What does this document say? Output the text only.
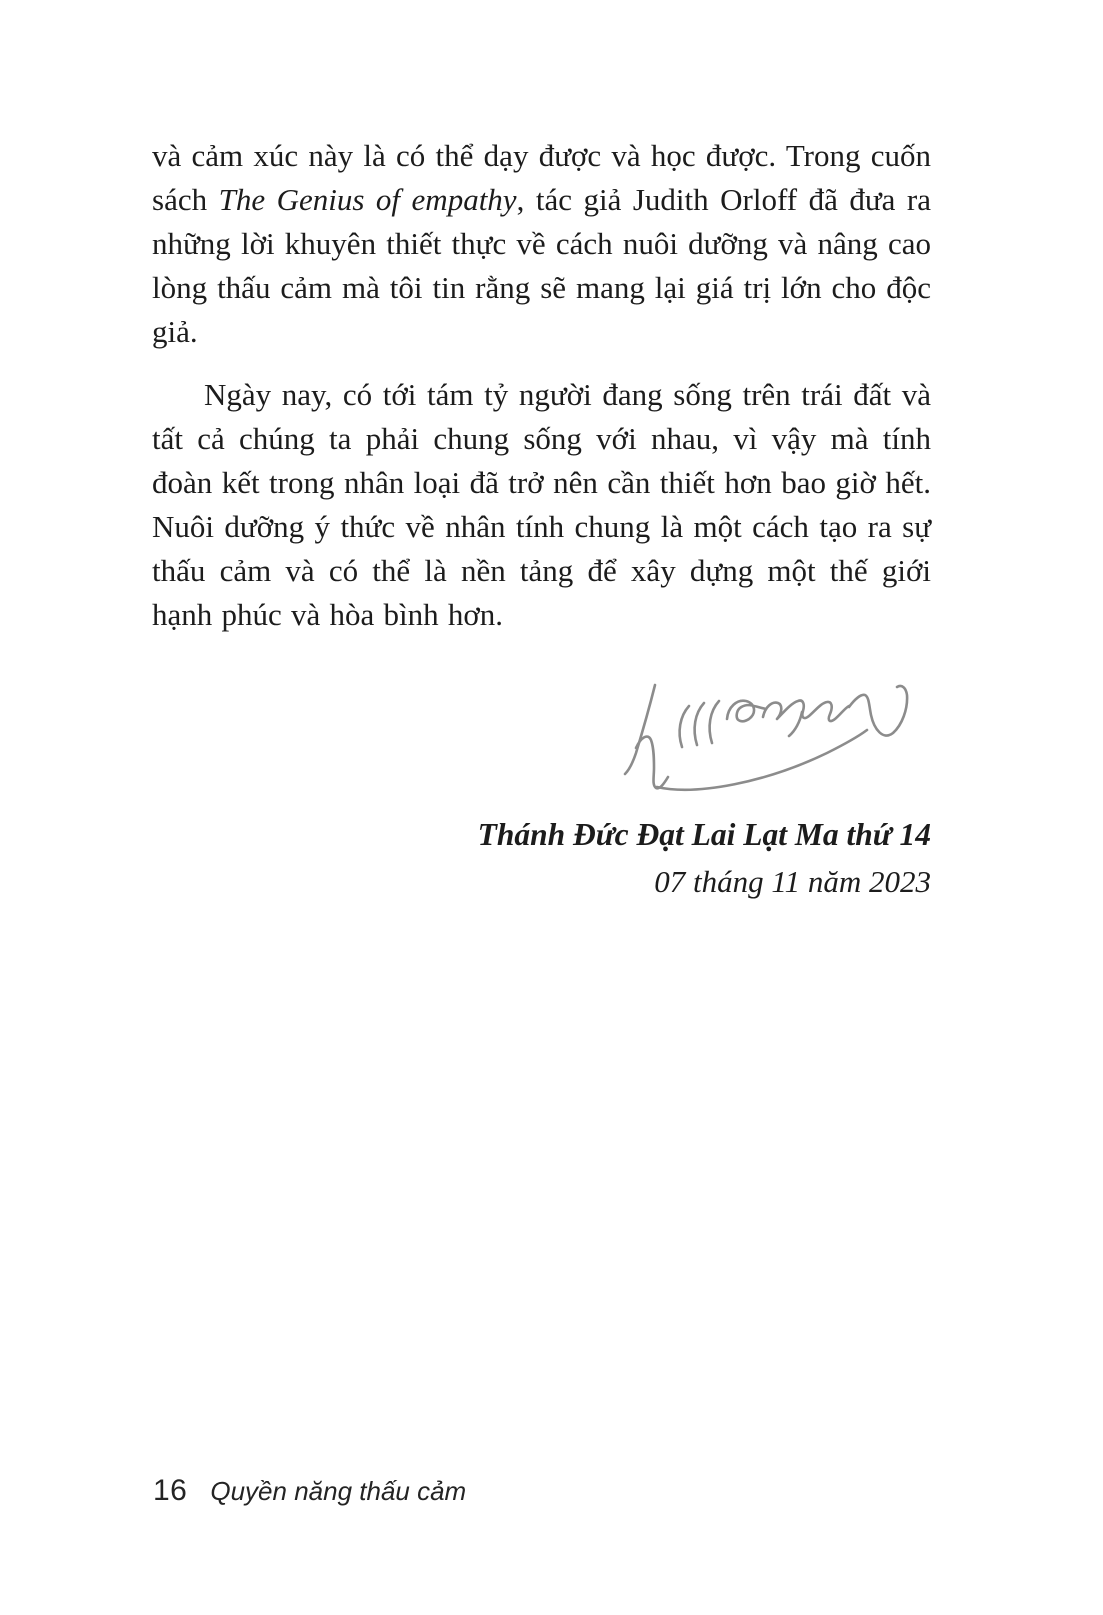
và cảm xúc này là có thể dạy được và học được. Trong cuốn sách The Genius of empathy, tác giả Judith Orloff đã đưa ra những lời khuyên thiết thực về cách nuôi dưỡng và nâng cao lòng thấu cảm mà tôi tin rằng sẽ mang lại giá trị lớn cho độc giả.

Ngày nay, có tới tám tỷ người đang sống trên trái đất và tất cả chúng ta phải chung sống với nhau, vì vậy mà tính đoàn kết trong nhân loại đã trở nên cần thiết hơn bao giờ hết. Nuôi dưỡng ý thức về nhân tính chung là một cách tạo ra sự thấu cảm và có thể là nền tảng để xây dựng một thế giới hạnh phúc và hòa bình hơn.

Thánh Đức Đạt Lai Lạt Ma thứ 14
07 tháng 11 năm 2023
16 Quyền năng thấu cảm
